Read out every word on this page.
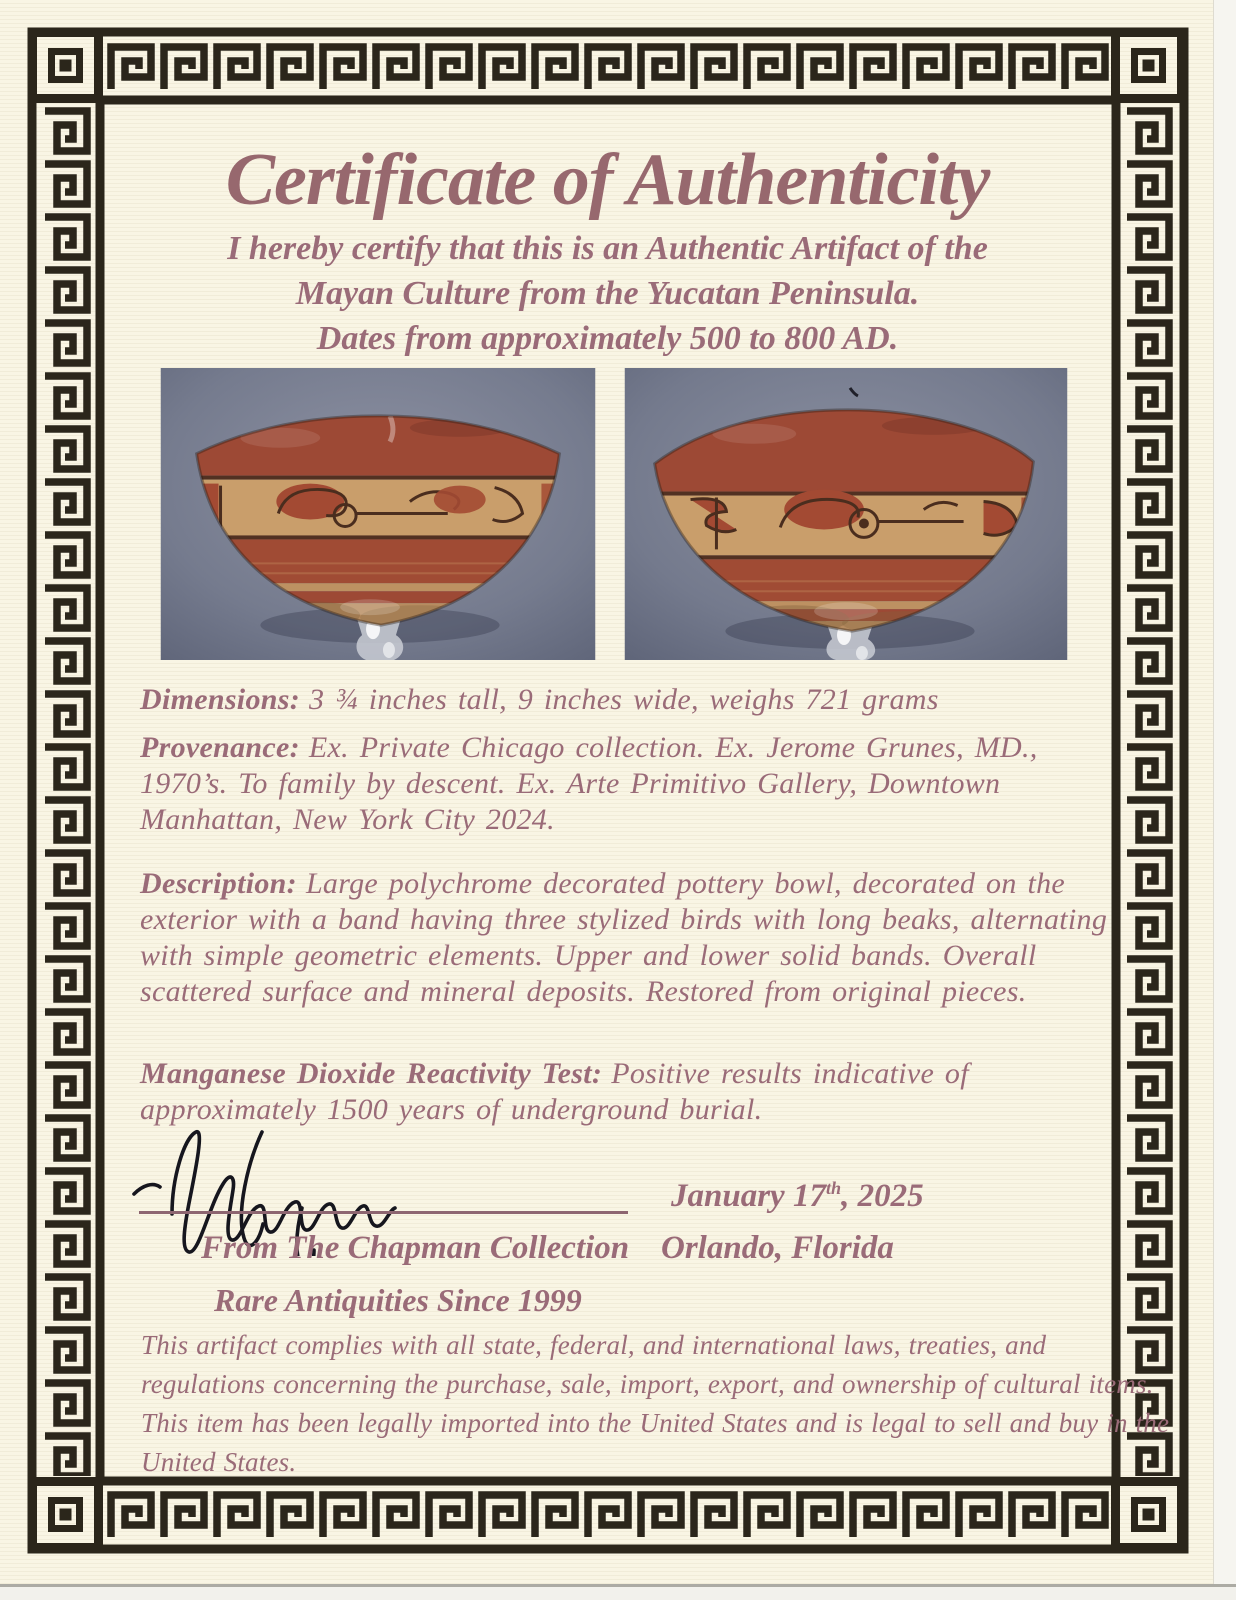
Certificate of Authenticity
I hereby certify that this is an Authentic Artifact of the
Mayan Culture from the Yucatan Peninsula.
Dates from approximately 500 to 800 AD.

Dimensions: 3 ¾ inches tall, 9 inches wide, weighs 721 grams

Provenance: Ex. Private Chicago collection. Ex. Jerome Grunes, MD., 1970’s. To family by descent. Ex. Arte Primitivo Gallery, Downtown Manhattan, New York City 2024.

Description: Large polychrome decorated pottery bowl, decorated on the exterior with a band having three stylized birds with long beaks, alternating with simple geometric elements. Upper and lower solid bands. Overall scattered surface and mineral deposits. Restored from original pieces.

Manganese Dioxide Reactivity Test: Positive results indicative of approximately 1500 years of underground burial.

January 17th, 2025
From The Chapman Collection Orlando, Florida
Rare Antiquities Since 1999

This artifact complies with all state, federal, and international laws, treaties, and regulations concerning the purchase, sale, import, export, and ownership of cultural items. This item has been legally imported into the United States and is legal to sell and buy in the United States.
